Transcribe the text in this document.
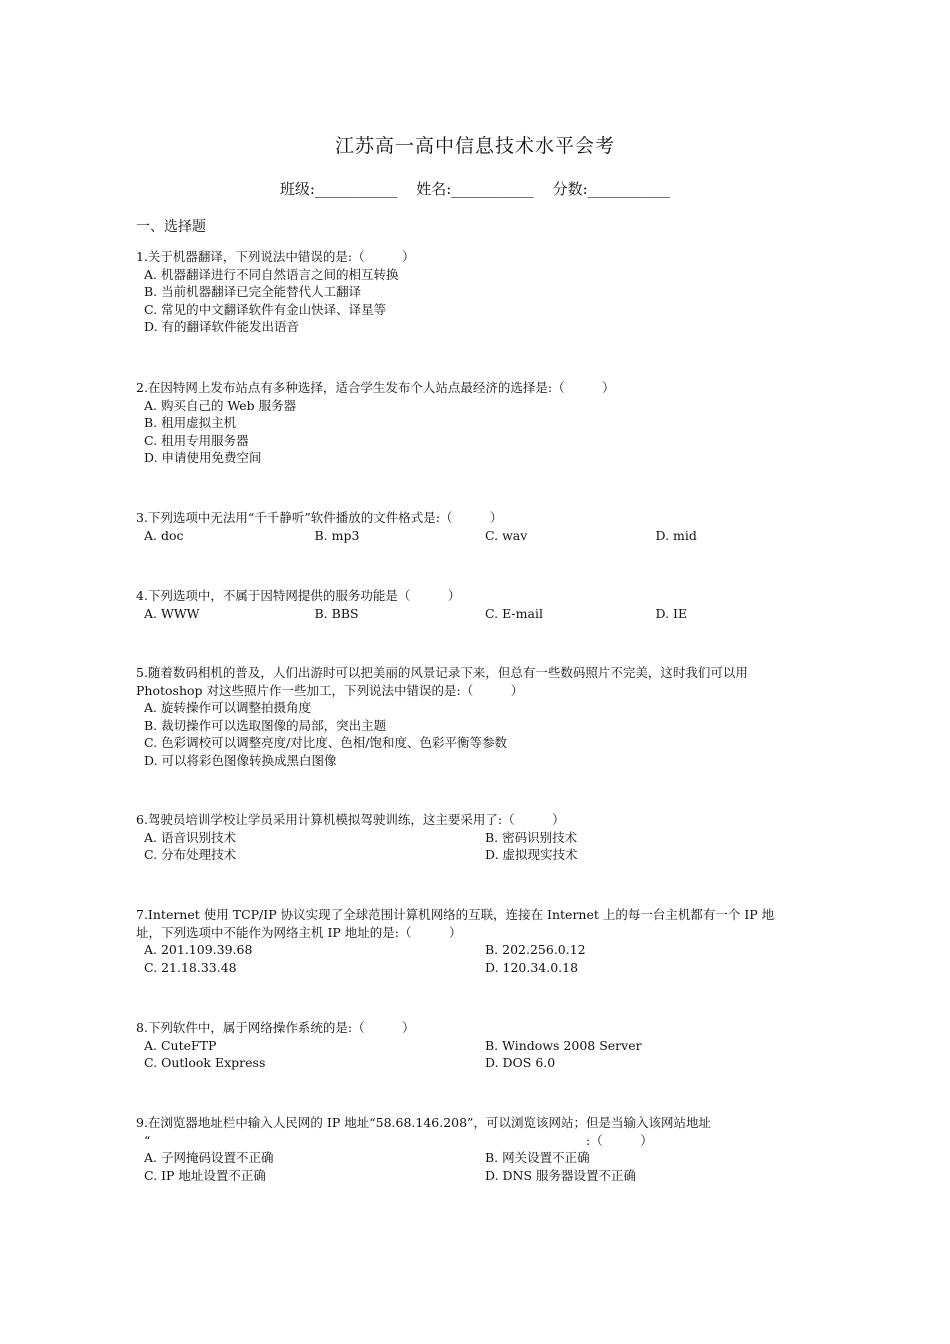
江苏高一高中信息技术水平会考
班级:___________ 姓名:___________ 分数:___________
一、选择题
1.关于机器翻译，下列说法中错误的是:（　　　）
A. 机器翻译进行不同自然语言之间的相互转换
B. 当前机器翻译已完全能替代人工翻译
C. 常见的中文翻译软件有金山快译、译星等
D. 有的翻译软件能发出语音
2.在因特网上发布站点有多种选择，适合学生发布个人站点最经济的选择是:（　　　）
A. 购买自己的 Web 服务器
B. 租用虚拟主机
C. 租用专用服务器
D. 申请使用免费空间
3.下列选项中无法用“千千静听”软件播放的文件格式是:（　　　）
A. doc	B. mp3	C. wav	D. mid
4.下列选项中，不属于因特网提供的服务功能是（　　　）
A. WWW	B. BBS	C. E-mail	D. IE
5.随着数码相机的普及，人们出游时可以把美丽的风景记录下来，但总有一些数码照片不完美，这时我们可以用
Photoshop 对这些照片作一些加工，下列说法中错误的是:（　　　）
A. 旋转操作可以调整拍摄角度
B. 裁切操作可以选取图像的局部，突出主题
C. 色彩调校可以调整亮度/对比度、色相/饱和度、色彩平衡等参数
D. 可以将彩色图像转换成黑白图像
6.驾驶员培训学校让学员采用计算机模拟驾驶训练，这主要采用了:（　　　）
A. 语音识别技术	B. 密码识别技术
C. 分布处理技术	D. 虚拟现实技术
7.Internet 使用 TCP/IP 协议实现了全球范围计算机网络的互联，连接在 Internet 上的每一台主机都有一个 IP 地
址，下列选项中不能作为网络主机 IP 地址的是:（　　　）
A. 201.109.39.68	B. 202.256.0.12
C. 21.18.33.48	D. 120.34.0.18
8.下列软件中，属于网络操作系统的是:（　　　）
A. CuteFTP	B. Windows 2008 Server
C. Outlook Express	D. DOS 6.0
9.在浏览器地址栏中输入人民网的 IP 地址“58.68.146.208”，可以浏览该网站；但是当输入该网站地址
“	:（　　　）
A. 子网掩码设置不正确	B. 网关设置不正确
C. IP 地址设置不正确	D. DNS 服务器设置不正确
